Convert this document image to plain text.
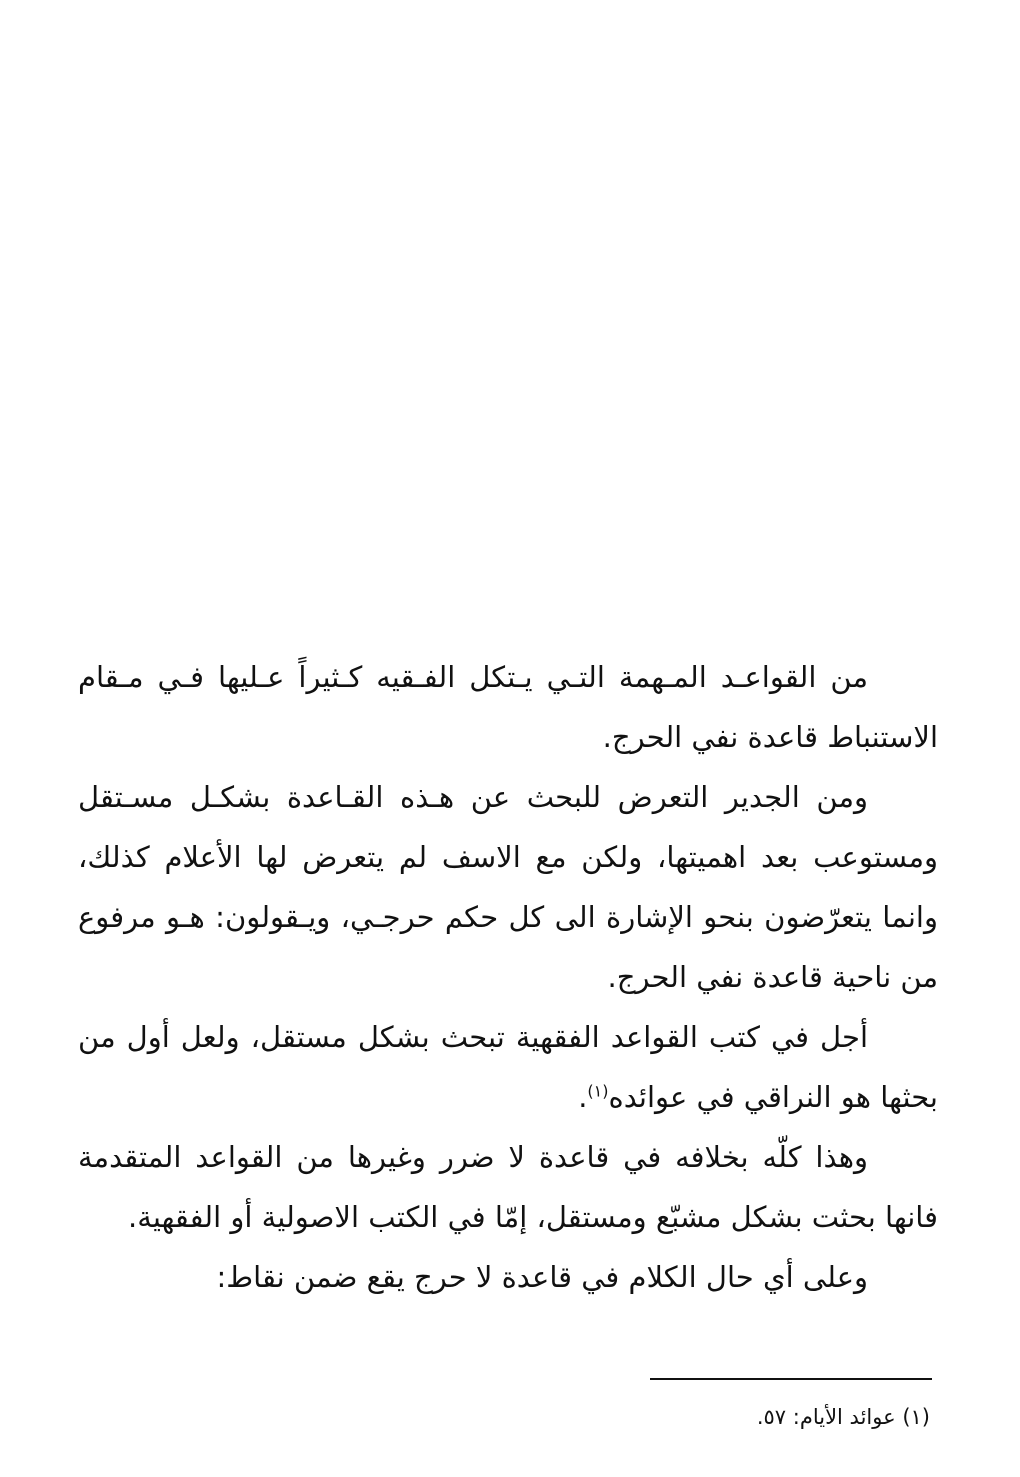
من القواعـد المـهمة التـي يـتكل الفـقيه كـثيراً عـليها فـي مـقام الاستنباط قاعدة نفي الحرج.

ومن الجدير التعرض للبحث عن هـذه القـاعدة بشكـل مسـتقل ومستوعب بعد اهميتها، ولكن مع الاسف لم يتعرض لها الأعلام كذلك، وانما يتعرّضون بنحو الإشارة الى كل حكم حرجـي، ويـقولون: هـو مرفوع من ناحية قاعدة نفي الحرج.

أجل في كتب القواعد الفقهية تبحث بشكل مستقل، ولعل أول من بحثها هو النراقي في عوائده$^{(١)}$.

وهذا كلّه بخلافه في قاعدة لا ضرر وغيرها من القواعد المتقدمة فانها بحثت بشكل مشبّع ومستقل، إمّا في الكتب الاصولية أو الفقهية.

وعلى أي حال الكلام في قاعدة لا حرج يقع ضمن نقاط:

(١) عوائد الأيام: ٥٧.
